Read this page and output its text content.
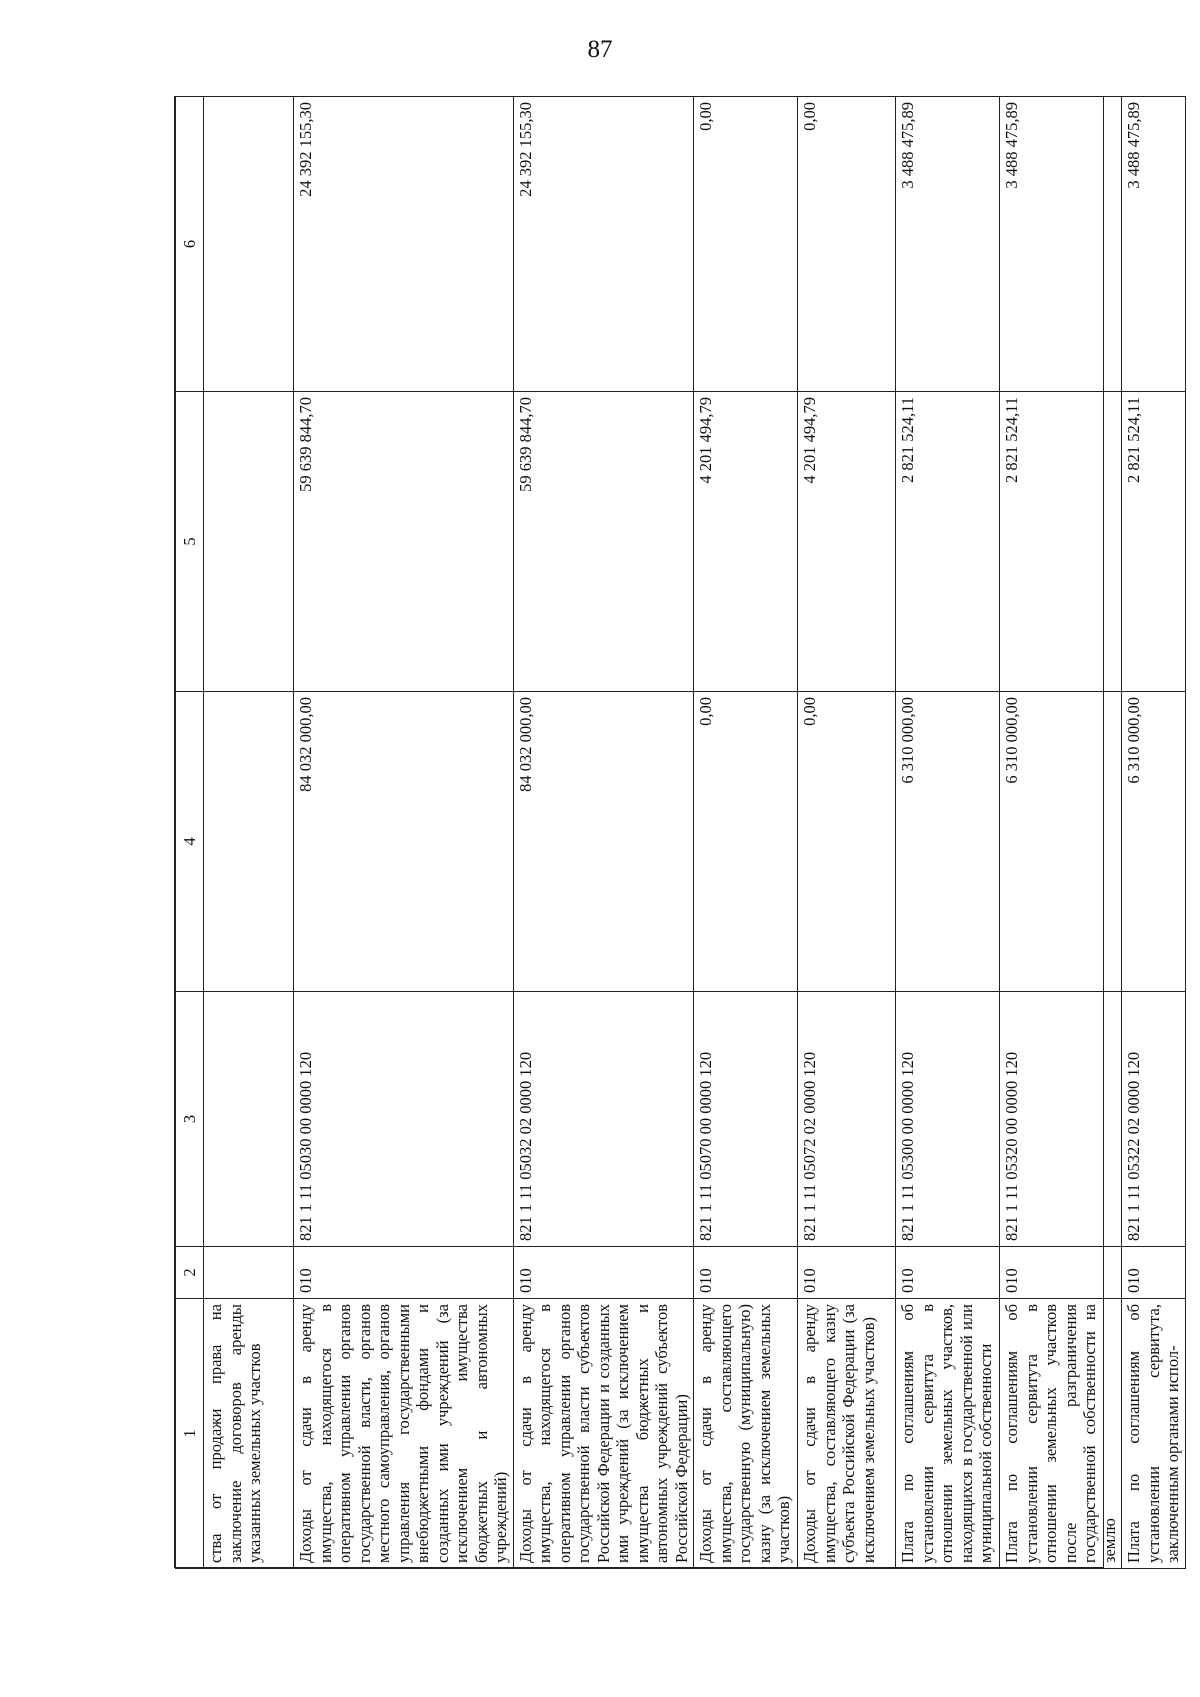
87
1	2	3	4	5	6
ства от продажи права на заключение договоров аренды указанных земельных участков					
Доходы от сдачи в аренду имущества, находящегося в оперативном управлении органов государственной власти, органов местного самоуправления, органов управления государственными внебюджетными фондами и созданных ими учреждений (за исключением имущества бюджетных и автономных учреждений)	010	821 1 11 05030 00 0000 120	84 032 000,00	59 639 844,70	24 392 155,30
Доходы от сдачи в аренду имущества, находящегося в оперативном управлении органов государственной власти субъектов Российской Федерации и созданных ими учреждений (за исключением имущества бюджетных и автономных учреждений субъектов Российской Федерации)	010	821 1 11 05032 02 0000 120	84 032 000,00	59 639 844,70	24 392 155,30
Доходы от сдачи в аренду имущества, составляющего государственную (муниципальную) казну (за исключением земельных участков)	010	821 1 11 05070 00 0000 120	0,00	4 201 494,79	0,00
Доходы от сдачи в аренду имущества, составляющего казну субъекта Российской Федерации (за исключением земельных участков)	010	821 1 11 05072 02 0000 120	0,00	4 201 494,79	0,00
Плата по соглашениям об установлении сервитута в отношении земельных участков, находящихся в государственной или муниципальной собственности	010	821 1 11 05300 00 0000 120	6 310 000,00	2 821 524,11	3 488 475,89
Плата по соглашениям об установлении сервитута в отношении земельных участков после разграничения государственной собственности на землю	010	821 1 11 05320 00 0000 120	6 310 000,00	2 821 524,11	3 488 475,89
Плата по соглашениям об установлении сервитута, заключенным органами испол-	010	821 1 11 05322 02 0000 120	6 310 000,00	2 821 524,11	3 488 475,89
